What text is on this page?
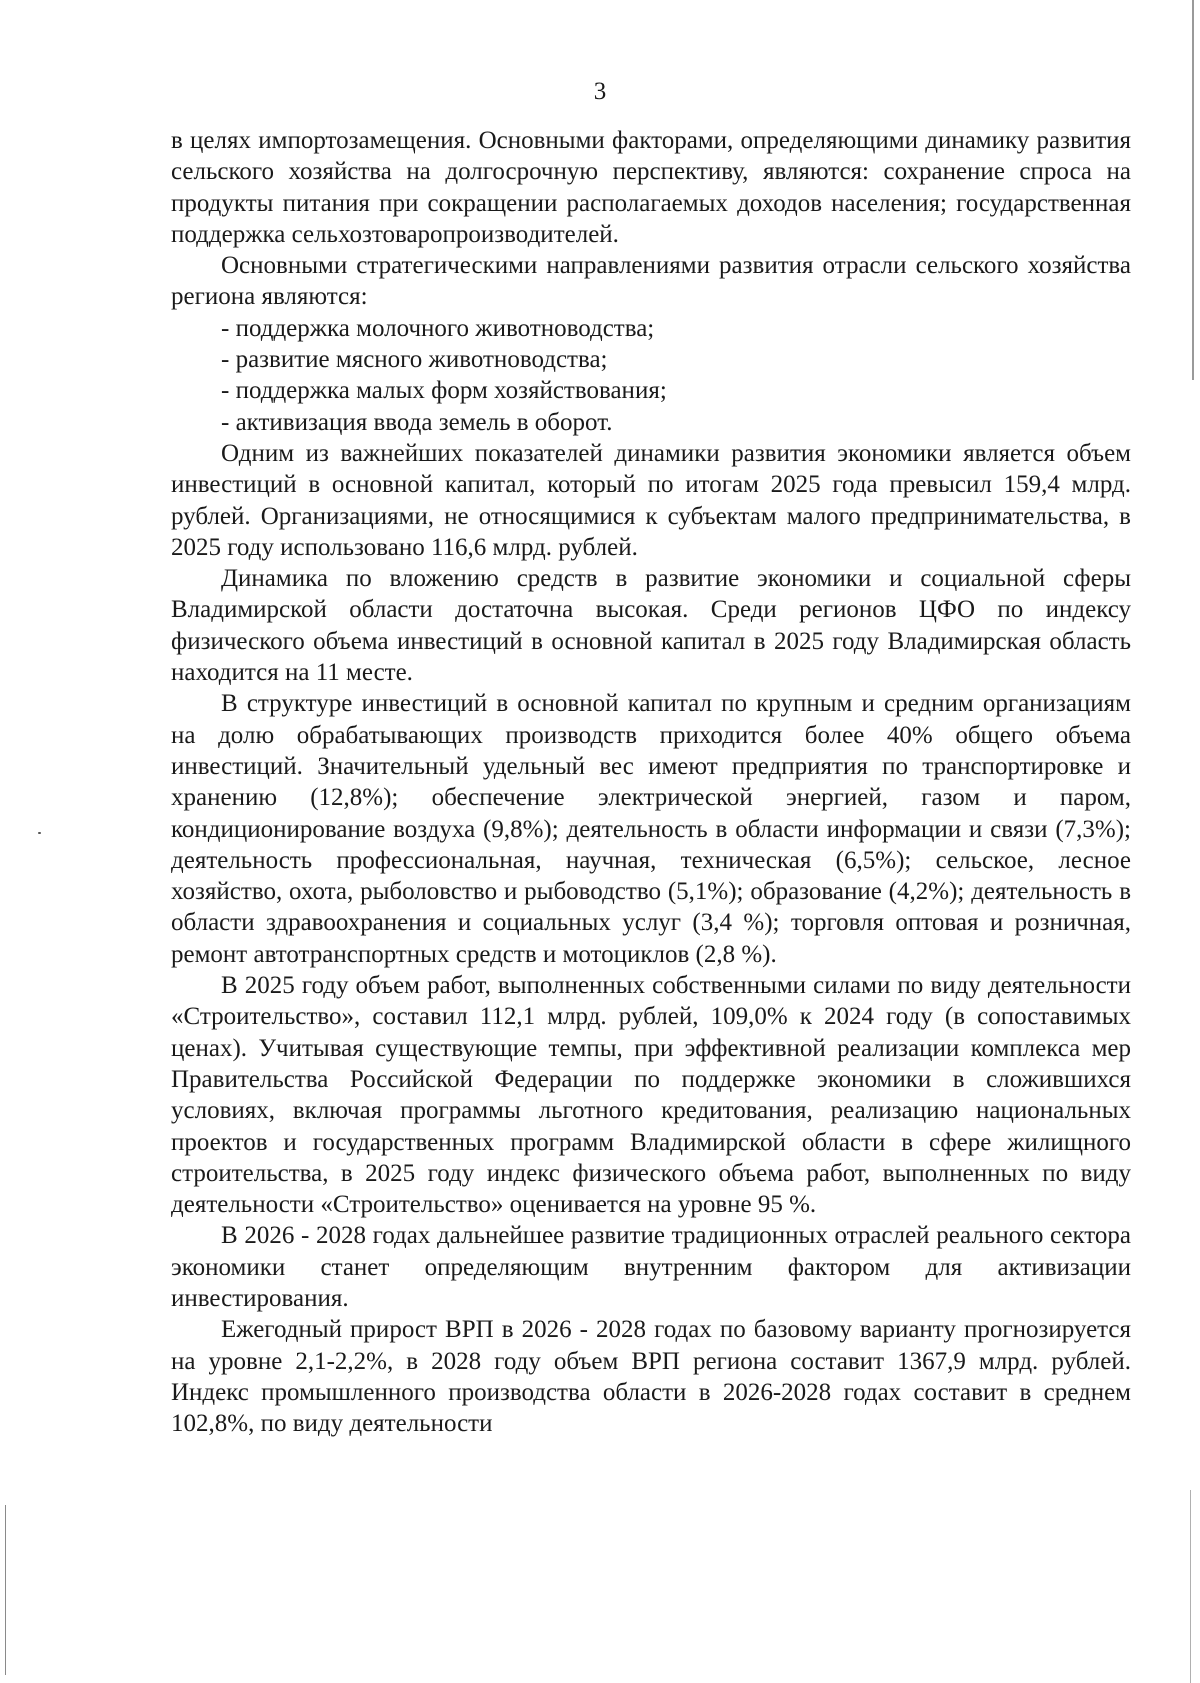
3

в целях импортозамещения. Основными факторами, определяющими динамику развития сельского хозяйства на долгосрочную перспективу, являются: сохранение спроса на продукты питания при сокращении располагаемых доходов населения; государственная поддержка сельхозтоваропроизводителей.

Основными стратегическими направлениями развития отрасли сельского хозяйства региона являются:

- поддержка молочного животноводства;
- развитие мясного животноводства;
- поддержка малых форм хозяйствования;
- активизация ввода земель в оборот.

Одним из важнейших показателей динамики развития экономики является объем инвестиций в основной капитал, который по итогам 2025 года превысил 159,4 млрд. рублей. Организациями, не относящимися к субъектам малого предпринимательства, в 2025 году использовано 116,6 млрд. рублей.

Динамика по вложению средств в развитие экономики и социальной сферы Владимирской области достаточна высокая. Среди регионов ЦФО по индексу физического объема инвестиций в основной капитал в 2025 году Владимирская область находится на 11 месте.

В структуре инвестиций в основной капитал по крупным и средним организациям на долю обрабатывающих производств приходится более 40% общего объема инвестиций. Значительный удельный вес имеют предприятия по транспортировке и хранению (12,8%); обеспечение электрической энергией, газом и паром, кондиционирование воздуха (9,8%); деятельность в области информации и связи (7,3%); деятельность профессиональная, научная, техническая (6,5%); сельское, лесное хозяйство, охота, рыболовство и рыбоводство (5,1%); образование (4,2%); деятельность в области здравоохранения и социальных услуг (3,4 %); торговля оптовая и розничная, ремонт автотранспортных средств и мотоциклов (2,8 %).

В 2025 году объем работ, выполненных собственными силами по виду деятельности «Строительство», составил 112,1 млрд. рублей, 109,0% к 2024 году (в сопоставимых ценах). Учитывая существующие темпы, при эффективной реализации комплекса мер Правительства Российской Федерации по поддержке экономики в сложившихся условиях, включая программы льготного кредитования, реализацию национальных проектов и государственных программ Владимирской области в сфере жилищного строительства, в 2025 году индекс физического объема работ, выполненных по виду деятельности «Строительство» оценивается на уровне 95 %.

В 2026 - 2028 годах дальнейшее развитие традиционных отраслей реального сектора экономики станет определяющим внутренним фактором для активизации инвестирования.

Ежегодный прирост ВРП в 2026 - 2028 годах по базовому варианту прогнозируется на уровне 2,1-2,2%, в 2028 году объем ВРП региона составит 1367,9 млрд. рублей. Индекс промышленного производства области в 2026-2028 годах составит в среднем 102,8%, по виду деятельности
